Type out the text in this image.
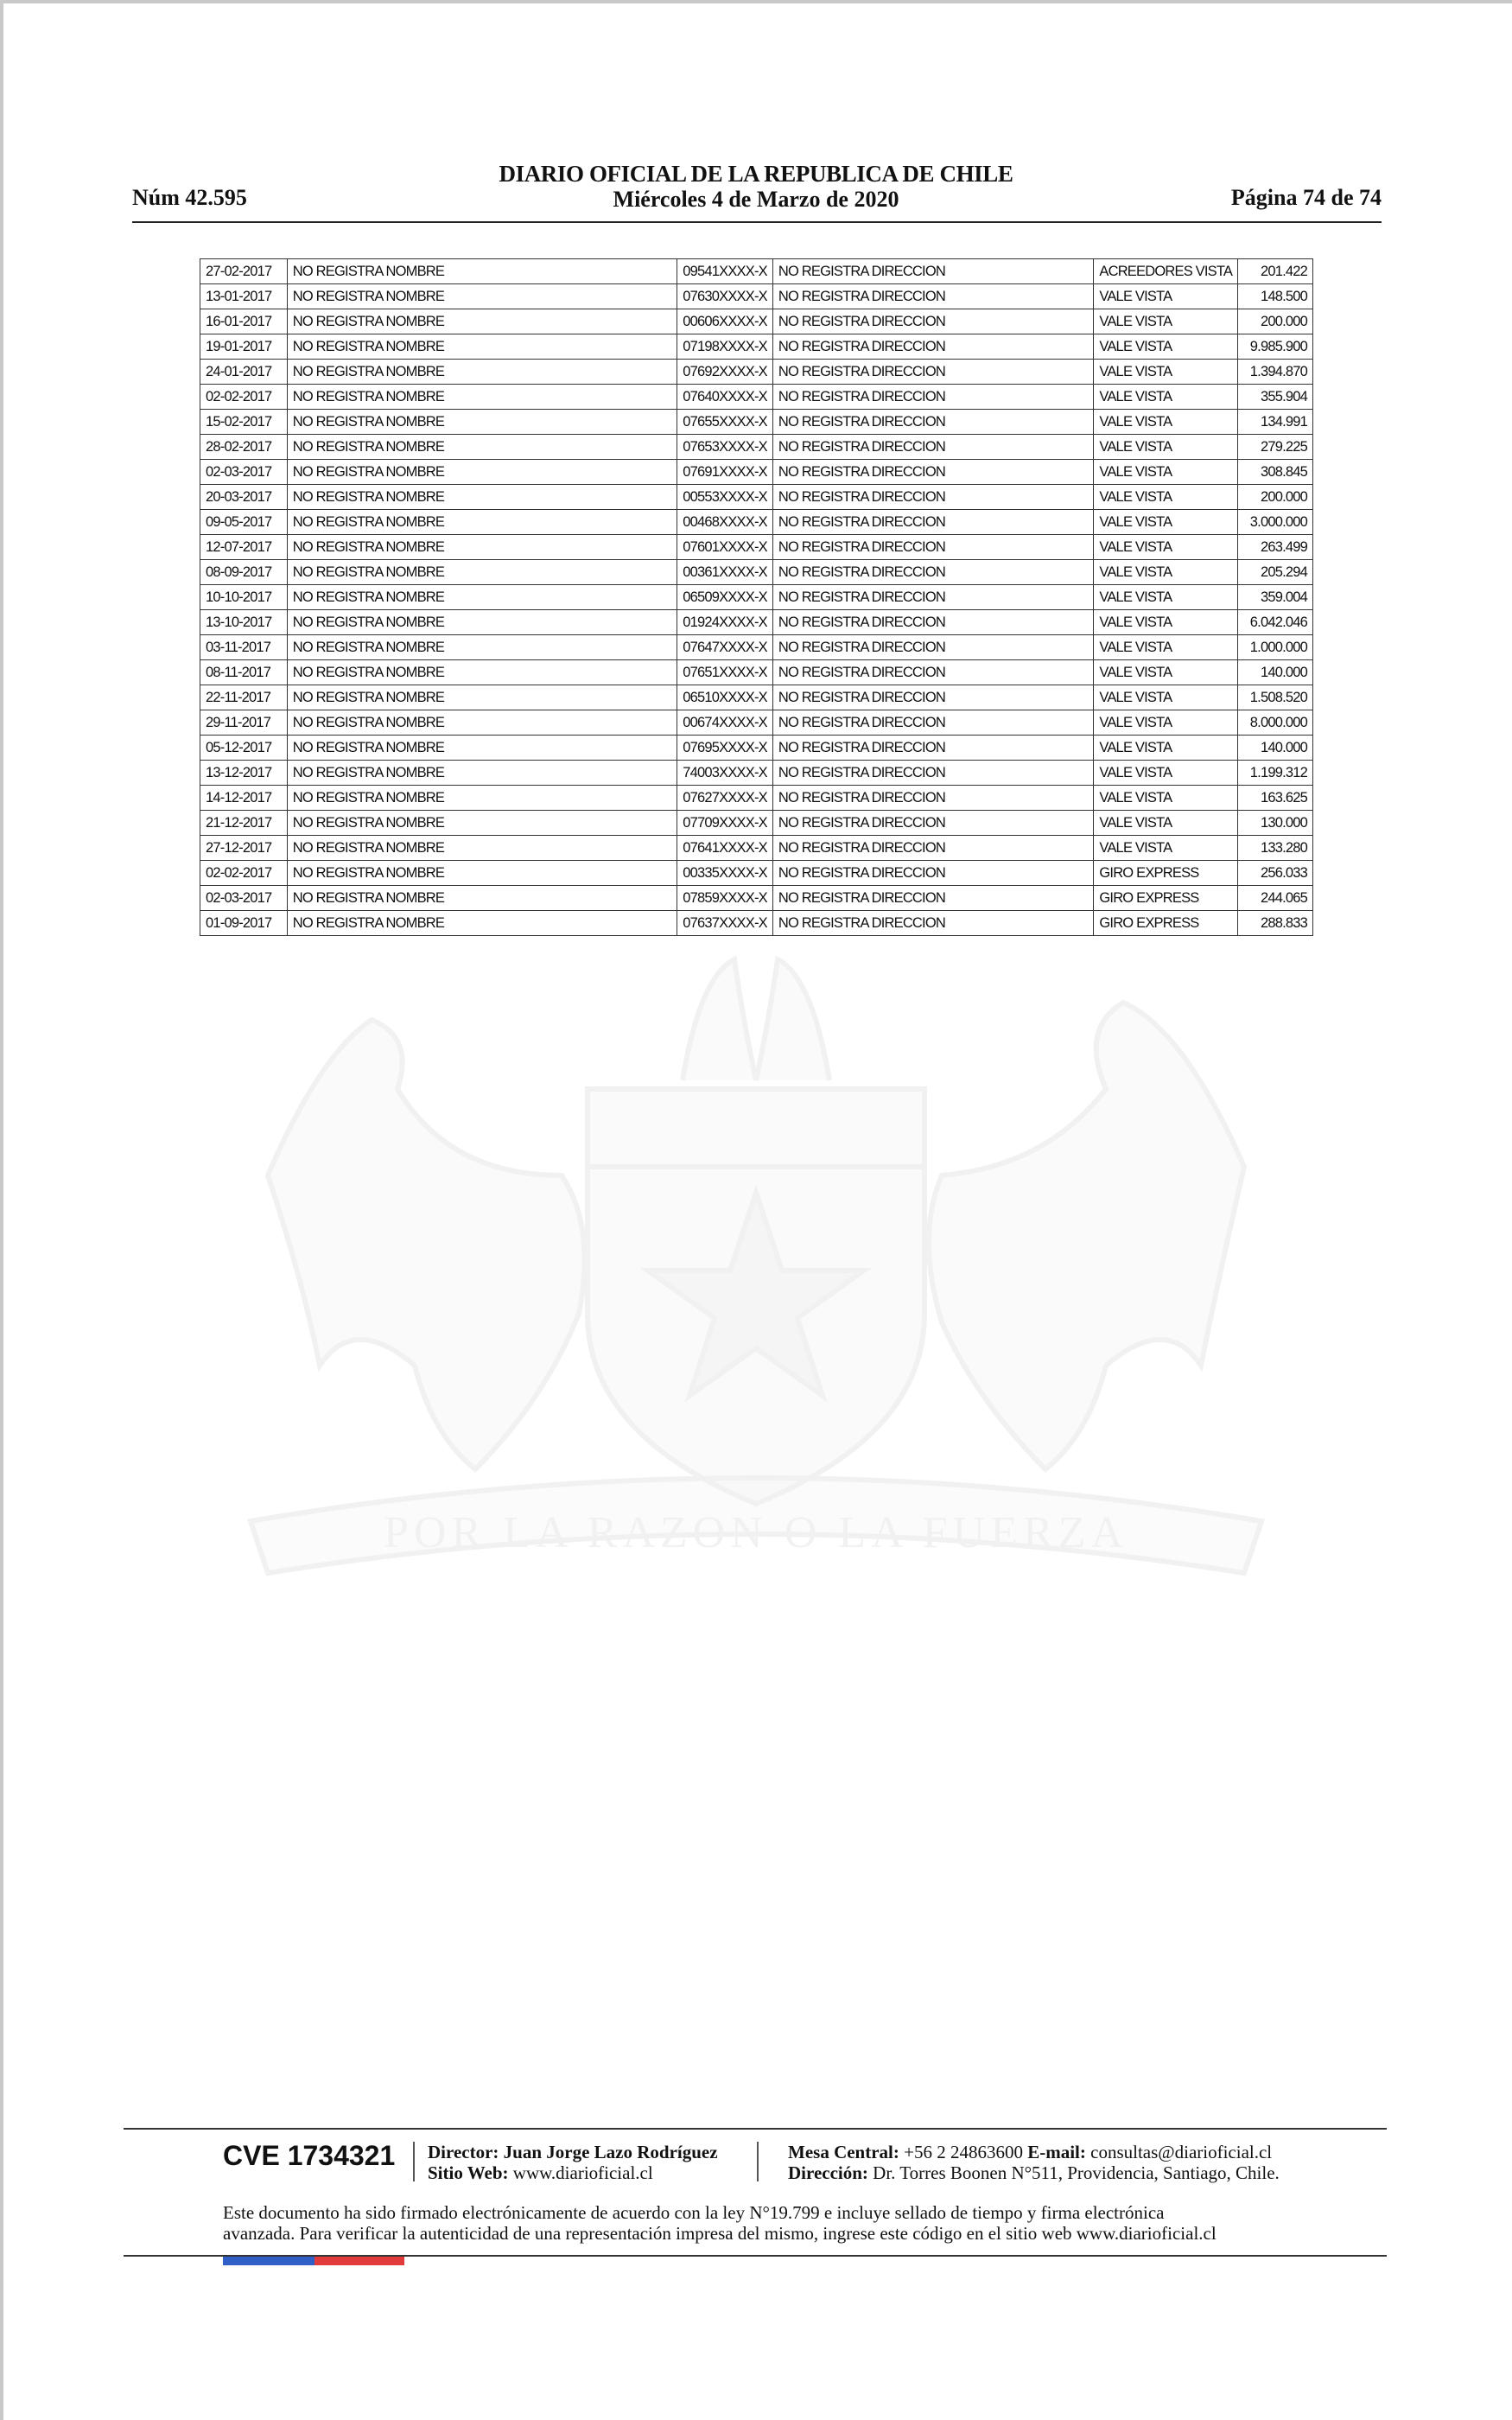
Núm 42.595
DIARIO OFICIAL DE LA REPUBLICA DE CHILE
Miércoles 4 de Marzo de 2020	Página 74 de 74
POR LA RAZON O LA FUERZA
27-02-2017	NO REGISTRA NOMBRE	09541XXXX-X	NO REGISTRA DIRECCION	ACREEDORES VISTA	201.422
13-01-2017	NO REGISTRA NOMBRE	07630XXXX-X	NO REGISTRA DIRECCION	VALE VISTA	148.500
16-01-2017	NO REGISTRA NOMBRE	00606XXXX-X	NO REGISTRA DIRECCION	VALE VISTA	200.000
19-01-2017	NO REGISTRA NOMBRE	07198XXXX-X	NO REGISTRA DIRECCION	VALE VISTA	9.985.900
24-01-2017	NO REGISTRA NOMBRE	07692XXXX-X	NO REGISTRA DIRECCION	VALE VISTA	1.394.870
02-02-2017	NO REGISTRA NOMBRE	07640XXXX-X	NO REGISTRA DIRECCION	VALE VISTA	355.904
15-02-2017	NO REGISTRA NOMBRE	07655XXXX-X	NO REGISTRA DIRECCION	VALE VISTA	134.991
28-02-2017	NO REGISTRA NOMBRE	07653XXXX-X	NO REGISTRA DIRECCION	VALE VISTA	279.225
02-03-2017	NO REGISTRA NOMBRE	07691XXXX-X	NO REGISTRA DIRECCION	VALE VISTA	308.845
20-03-2017	NO REGISTRA NOMBRE	00553XXXX-X	NO REGISTRA DIRECCION	VALE VISTA	200.000
09-05-2017	NO REGISTRA NOMBRE	00468XXXX-X	NO REGISTRA DIRECCION	VALE VISTA	3.000.000
12-07-2017	NO REGISTRA NOMBRE	07601XXXX-X	NO REGISTRA DIRECCION	VALE VISTA	263.499
08-09-2017	NO REGISTRA NOMBRE	00361XXXX-X	NO REGISTRA DIRECCION	VALE VISTA	205.294
10-10-2017	NO REGISTRA NOMBRE	06509XXXX-X	NO REGISTRA DIRECCION	VALE VISTA	359.004
13-10-2017	NO REGISTRA NOMBRE	01924XXXX-X	NO REGISTRA DIRECCION	VALE VISTA	6.042.046
03-11-2017	NO REGISTRA NOMBRE	07647XXXX-X	NO REGISTRA DIRECCION	VALE VISTA	1.000.000
08-11-2017	NO REGISTRA NOMBRE	07651XXXX-X	NO REGISTRA DIRECCION	VALE VISTA	140.000
22-11-2017	NO REGISTRA NOMBRE	06510XXXX-X	NO REGISTRA DIRECCION	VALE VISTA	1.508.520
29-11-2017	NO REGISTRA NOMBRE	00674XXXX-X	NO REGISTRA DIRECCION	VALE VISTA	8.000.000
05-12-2017	NO REGISTRA NOMBRE	07695XXXX-X	NO REGISTRA DIRECCION	VALE VISTA	140.000
13-12-2017	NO REGISTRA NOMBRE	74003XXXX-X	NO REGISTRA DIRECCION	VALE VISTA	1.199.312
14-12-2017	NO REGISTRA NOMBRE	07627XXXX-X	NO REGISTRA DIRECCION	VALE VISTA	163.625
21-12-2017	NO REGISTRA NOMBRE	07709XXXX-X	NO REGISTRA DIRECCION	VALE VISTA	130.000
27-12-2017	NO REGISTRA NOMBRE	07641XXXX-X	NO REGISTRA DIRECCION	VALE VISTA	133.280
02-02-2017	NO REGISTRA NOMBRE	00335XXXX-X	NO REGISTRA DIRECCION	GIRO EXPRESS	256.033
02-03-2017	NO REGISTRA NOMBRE	07859XXXX-X	NO REGISTRA DIRECCION	GIRO EXPRESS	244.065
01-09-2017	NO REGISTRA NOMBRE	07637XXXX-X	NO REGISTRA DIRECCION	GIRO EXPRESS	288.833
CVE 1734321 Director: Juan Jorge Lazo Rodríguez
Sitio Web: www.diarioficial.cl
Mesa Central: +56 2 24863600 E-mail: consultas@diarioficial.cl
Dirección: Dr. Torres Boonen N°511, Providencia, Santiago, Chile.
Este documento ha sido firmado electrónicamente de acuerdo con la ley N°19.799 e incluye sellado de tiempo y firma electrónica
avanzada. Para verificar la autenticidad de una representación impresa del mismo, ingrese este código en el sitio web www.diarioficial.cl
